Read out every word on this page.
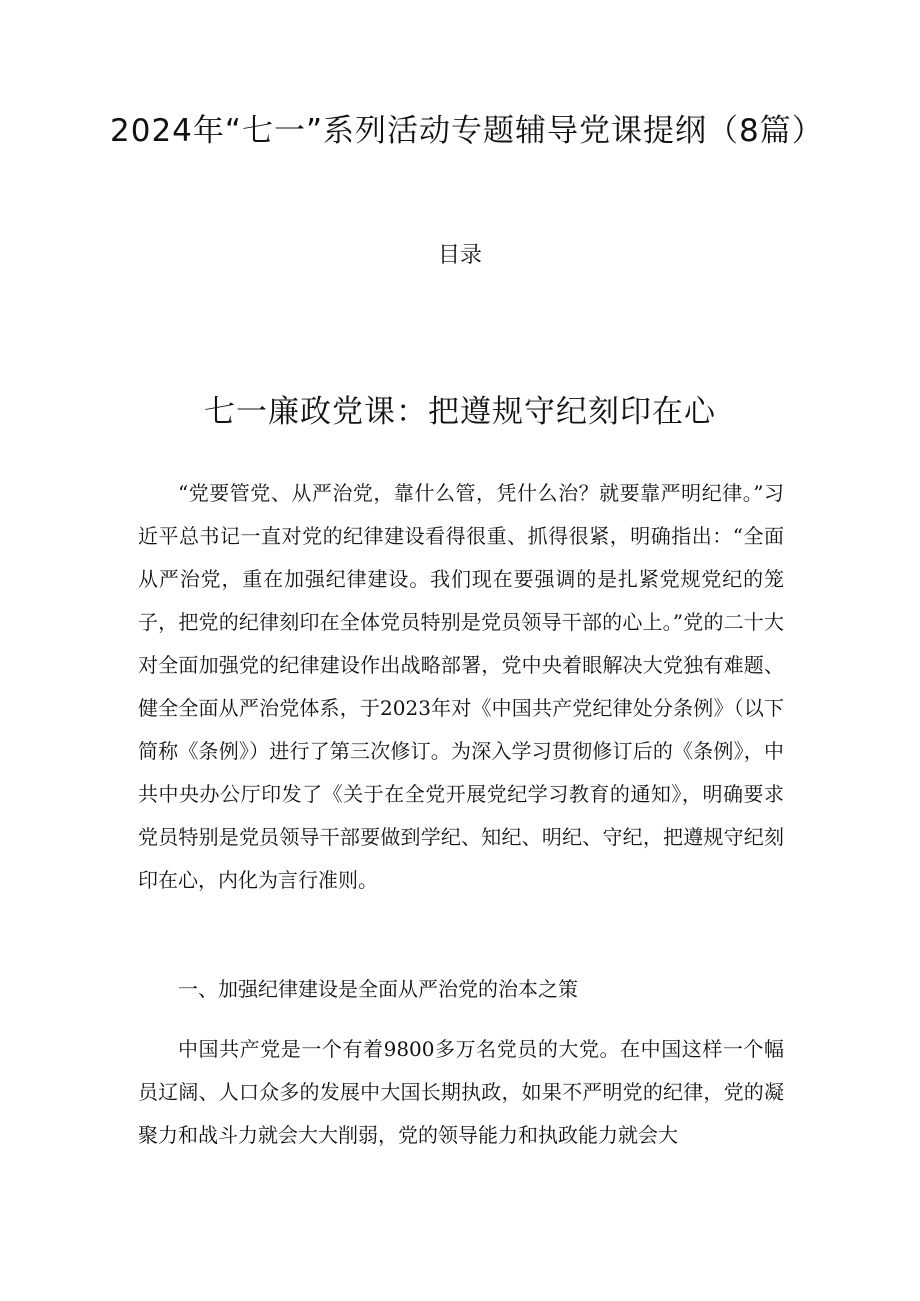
2024年“七一”系列活动专题辅导党课提纲（8篇）
目录
七一廉政党课：把遵规守纪刻印在心

“党要管党、从严治党，靠什么管，凭什么治？就要靠严明纪律。”习近平总书记一直对党的纪律建设看得很重、抓得很紧，明确指出：“全面从严治党，重在加强纪律建设。我们现在要强调的是扎紧党规党纪的笼子，把党的纪律刻印在全体党员特别是党员领导干部的心上。”党的二十大对全面加强党的纪律建设作出战略部署，党中央着眼解决大党独有难题、健全全面从严治党体系，于2023年对《中国共产党纪律处分条例》（以下简称《条例》）进行了第三次修订。为深入学习贯彻修订后的《条例》，中共中央办公厅印发了《关于在全党开展党纪学习教育的通知》，明确要求党员特别是党员领导干部要做到学纪、知纪、明纪、守纪，把遵规守纪刻印在心，内化为言行准则。

一、加强纪律建设是全面从严治党的治本之策

中国共产党是一个有着9800多万名党员的大党。在中国这样一个幅员辽阔、人口众多的发展中大国长期执政，如果不严明党的纪律，党的凝聚力和战斗力就会大大削弱，党的领导能力和执政能力就会大
